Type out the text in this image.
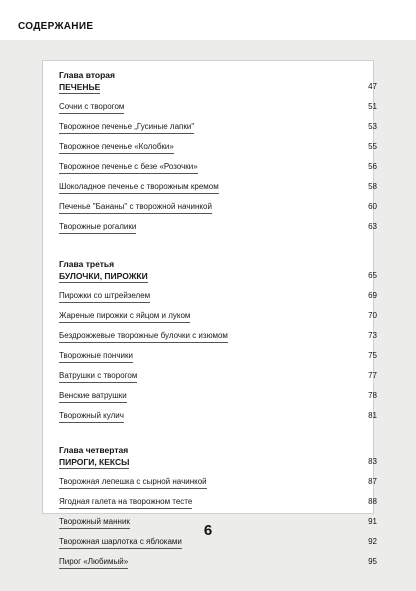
СОДЕРЖАНИЕ
Глава вторая
ПЕЧЕНЬЕ	47
Сочни с творогом	51
Творожное печенье „Гусиные лапки"	53
Творожное печенье «Колобки»	55
Творожное печенье с безе «Розочки»	56
Шоколадное печенье с творожным кремом	58
Печенье "Бананы" с творожной начинкой	60
Творожные рогалики	63
Глава третья
БУЛОЧКИ, ПИРОЖКИ	65
Пирожки со штрейзелем	69
Жареные пирожки с яйцом и луком	70
Бездрожжевые творожные булочки с изюмом	73
Творожные пончики	75
Ватрушки с творогом	77
Венские ватрушки	78
Творожный кулич	81
Глава четвертая
ПИРОГИ, КЕКСЫ	83
Творожная лепешка с сырной начинкой	87
Ягодная галета на творожном тесте	88
Творожный манник	91
Творожная шарлотка с яблоками	92
Пирог «Любимый»	95
6
